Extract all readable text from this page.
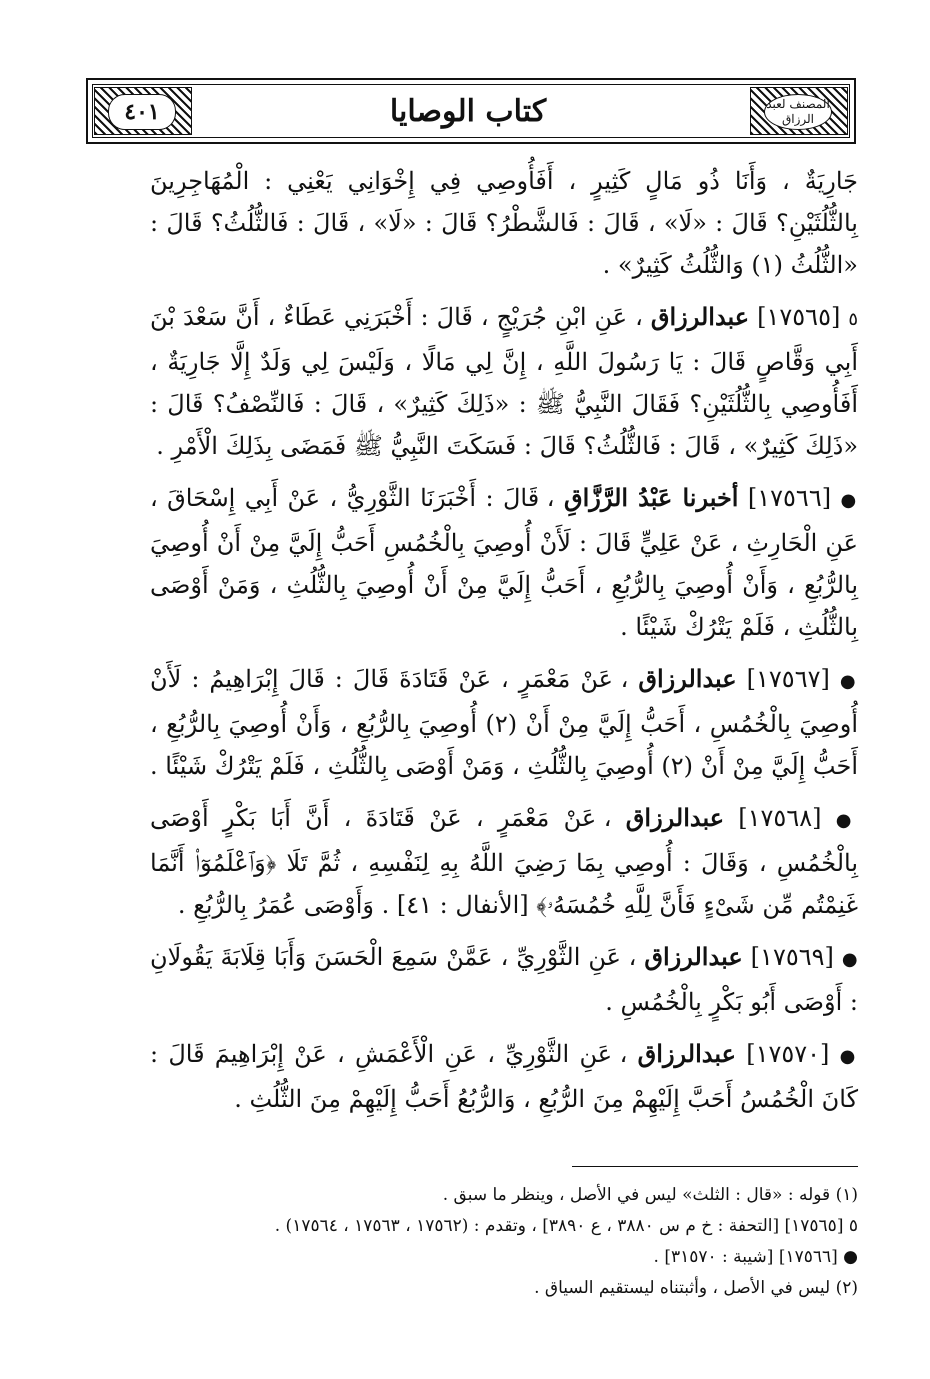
المصنف لعبد الرزاق
٤٠١	كتاب الوصايا

جَارِيَةٌ ، وَأَنَا ذُو مَالٍ كَثِيرٍ ، أَفَأُوصِي فِي إِخْوَانِي يَعْنِي : الْمُهَاجِرِينَ بِالثُّلُثَيْنِ؟ قَالَ : «لَا» ، قَالَ : فَالشَّطْرُ؟ قَالَ : «لَا» ، قَالَ : فَالثُّلُثُ؟ قَالَ : «الثُّلُثُ (١) وَالثُّلُثُ كَثِيرٌ» .

٥ [١٧٥٦٥] عبدالرزاق ، عَنِ ابْنِ جُرَيْجٍ ، قَالَ : أَخْبَرَنِي عَطَاءٌ ، أَنَّ سَعْدَ بْنَ أَبِي وَقَّاصٍ قَالَ : يَا رَسُولَ اللَّهِ ، إِنَّ لِي مَالًا ، وَلَيْسَ لِي وَلَدٌ إِلَّا جَارِيَةٌ ، أَفَأُوصِي بِالثُّلُثَيْنِ؟ فَقَالَ النَّبِيُّ ﷺ : «ذَلِكَ كَثِيرٌ» ، قَالَ : فَالنِّصْفُ؟ قَالَ : «ذَلِكَ كَثِيرٌ» ، قَالَ : فَالثُّلُثُ؟ قَالَ : فَسَكَتَ النَّبِيُّ ﷺ فَمَضَى بِذَلِكَ الْأَمْرِ .

● [١٧٥٦٦] أخبرنا عَبْدُ الرَّزَّاقِ ، قَالَ : أَخْبَرَنَا الثَّوْرِيُّ ، عَنْ أَبِي إِسْحَاقَ ، عَنِ الْحَارِثِ ، عَنْ عَلِيٍّ قَالَ : لَأَنْ أُوصِيَ بِالْخُمُسِ أَحَبُّ إِلَيَّ مِنْ أَنْ أُوصِيَ بِالرُّبُعِ ، وَأَنْ أُوصِيَ بِالرُّبُعِ ، أَحَبُّ إِلَيَّ مِنْ أَنْ أُوصِيَ بِالثُّلُثِ ، وَمَنْ أَوْصَى بِالثُّلُثِ ، فَلَمْ يَتْرُكْ شَيْئًا .

● [١٧٥٦٧] عبدالرزاق ، عَنْ مَعْمَرٍ ، عَنْ قَتَادَةَ قَالَ : قَالَ إِبْرَاهِيمُ : لَأَنْ أُوصِيَ بِالْخُمُسِ ، أَحَبُّ إِلَيَّ مِنْ أَنْ (٢) أُوصِيَ بِالرُّبُعِ ، وَأَنْ أُوصِيَ بِالرُّبُعِ ، أَحَبُّ إِلَيَّ مِنْ أَنْ (٢) أُوصِيَ بِالثُّلُثِ ، وَمَنْ أَوْصَى بِالثُّلُثِ ، فَلَمْ يَتْرُكْ شَيْئًا .

● [١٧٥٦٨] عبدالرزاق ، عَنْ مَعْمَرٍ ، عَنْ قَتَادَةَ ، أَنَّ أَبَا بَكْرٍ أَوْصَى بِالْخُمُسِ ، وَقَالَ : أُوصِي بِمَا رَضِيَ اللَّهُ بِهِ لِنَفْسِهِ ، ثُمَّ تَلَا ﴿وَٱعْلَمُوٓا۟ أَنَّمَا غَنِمْتُم مِّن شَىْءٍ فَأَنَّ لِلَّهِ خُمُسَهُۥ﴾ [الأنفال : ٤١] . وَأَوْصَى عُمَرُ بِالرُّبُعِ .

● [١٧٥٦٩] عبدالرزاق ، عَنِ الثَّوْرِيِّ ، عَمَّنْ سَمِعَ الْحَسَنَ وَأَبَا قِلَابَةَ يَقُولَانِ : أَوْصَى أَبُو بَكْرٍ بِالْخُمُسِ .

● [١٧٥٧٠] عبدالرزاق ، عَنِ الثَّوْرِيِّ ، عَنِ الْأَعْمَشِ ، عَنْ إِبْرَاهِيمَ قَالَ : كَانَ الْخُمُسُ أَحَبَّ إِلَيْهِمْ مِنَ الرُّبُعِ ، وَالرُّبُعُ أَحَبُّ إِلَيْهِمْ مِنَ الثُّلُثِ .

(١) قوله : «قال : الثلث» ليس في الأصل ، وينظر ما سبق .

٥ [١٧٥٦٥] [التحفة : خ م س ٣٨٨٠ ، ع ٣٨٩٠] ، وتقدم : (١٧٥٦٢ ، ١٧٥٦٣ ، ١٧٥٦٤) .

● [١٧٥٦٦] [شيبة : ٣١٥٧٠] .

(٢) ليس في الأصل ، وأثبتناه ليستقيم السياق .
